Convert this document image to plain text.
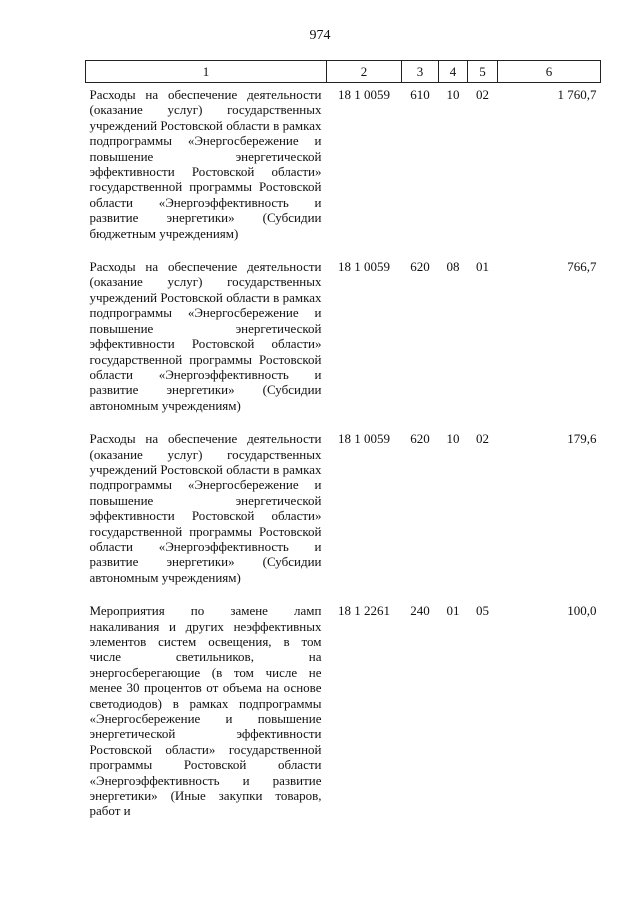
974
1	2	3	4	5	6
Расходы на обеспечение деятельности (оказание услуг) государственных учреждений Ростовской области в рамках подпрограммы «Энергосбережение и повышение энергетической эффективности Ростовской области» государственной программы Ростовской области «Энергоэффективность и развитие энергетики» (Субсидии бюджетным учреждениям)	18 1 0059	610	10	02	1 760,7
Расходы на обеспечение деятельности (оказание услуг) государственных учреждений Ростовской области в рамках подпрограммы «Энергосбережение и повышение энергетической эффективности Ростовской области» государственной программы Ростовской области «Энергоэффективность и развитие энергетики» (Субсидии автономным учреждениям)	18 1 0059	620	08	01	766,7
Расходы на обеспечение деятельности (оказание услуг) государственных учреждений Ростовской области в рамках подпрограммы «Энергосбережение и повышение энергетической эффективности Ростовской области» государственной программы Ростовской области «Энергоэффективность и развитие энергетики» (Субсидии автономным учреждениям)	18 1 0059	620	10	02	179,6
Мероприятия по замене ламп накаливания и других неэффективных элементов систем освещения, в том числе светильников, на энергосберегающие (в том числе не менее 30 процентов от объема на основе светодиодов) в рамках подпрограммы «Энергосбережение и повышение энергетической эффективности Ростовской области» государственной программы Ростовской области «Энергоэффективность и развитие энергетики» (Иные закупки товаров, работ и	18 1 2261	240	01	05	100,0
